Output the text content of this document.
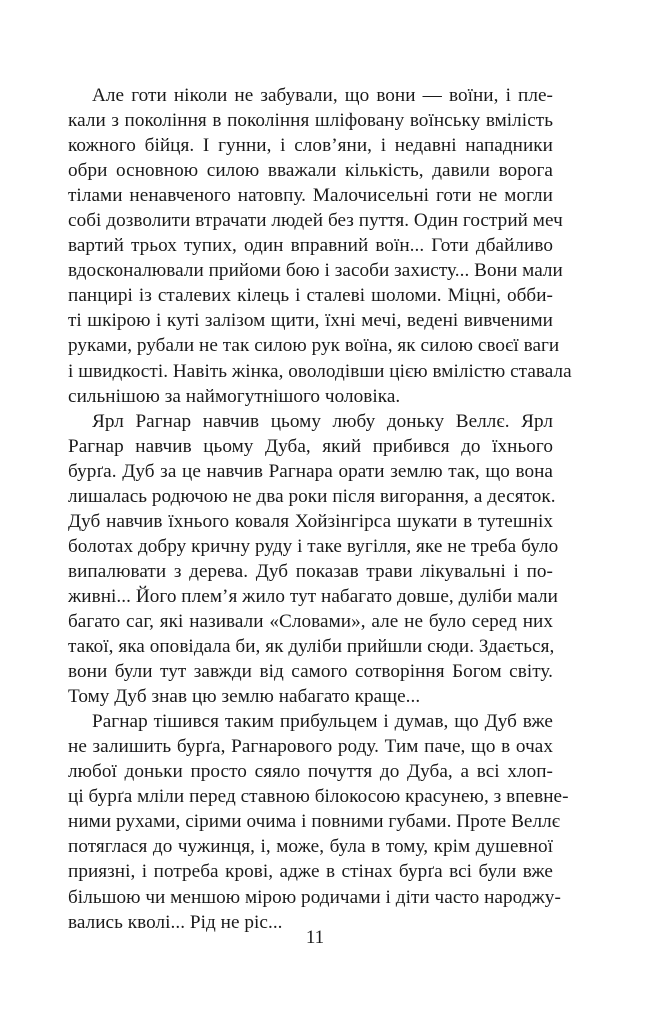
Але готи ніколи не забували, що вони — воїни, і пле-
кали з покоління в покоління шліфовану воїнську вміліcть
кожного бійця. І гунни, і слов’яни, і недавні нападники
обри основною силою вважали кількість, давили ворога
тілами ненавченого натовпу. Малочисельні готи не могли
собі дозволити втрачати людей без пуття. Один гострий меч
вартий трьох тупих, один вправний воїн... Готи дбайливо
вдосконалювали прийоми бою і засоби захисту... Вони мали
панцирі із сталевих кілець і сталеві шоломи. Міцні, обби-
ті шкірою і куті залізом щити, їхні мечі, ведені вивченими
руками, рубали не так силою рук воїна, як силою своєї ваги
і швидкості. Навіть жінка, оволодівши цією вмілістю ставала
сильнішою за наймогутнішого чоловіка.
Ярл Рагнар навчив цьому любу доньку Веллє. Ярл
Рагнар навчив цьому Дуба, який прибився до їхнього
бурґа. Дуб за це навчив Рагнара орати землю так, що вона
лишалась родючою не два роки після вигорання, а десяток.
Дуб навчив їхнього коваля Хойзінгірса шукати в тутешніх
болотах добру кричну руду і таке вугілля, яке не треба було
випалювати з дерева. Дуб показав трави лікувальні і по-
живні... Його плем’я жило тут набагато довше, дуліби мали
багато саг, які називали «Словами», але не було серед них
такої, яка оповідала би, як дуліби прийшли сюди. Здається,
вони були тут завжди від самого сотворіння Богом світу.
Тому Дуб знав цю землю набагато краще...
Рагнар тішився таким прибульцем і думав, що Дуб вже
не залишить бурґа, Рагнарового роду. Тим паче, що в очах
любої доньки просто сяяло почуття до Дуба, а всі хлоп-
ці бурґа мліли перед ставною білокосою красунею, з впевне-
ними рухами, сірими очима і повними губами. Проте Веллє
потяглася до чужинця, і, може, була в тому, крім душевної
приязні, і потреба крові, адже в стінах бурґа всі були вже
більшою чи меншою мірою родичами і діти часто народжу-
вались кволі... Рід не ріс...
11
